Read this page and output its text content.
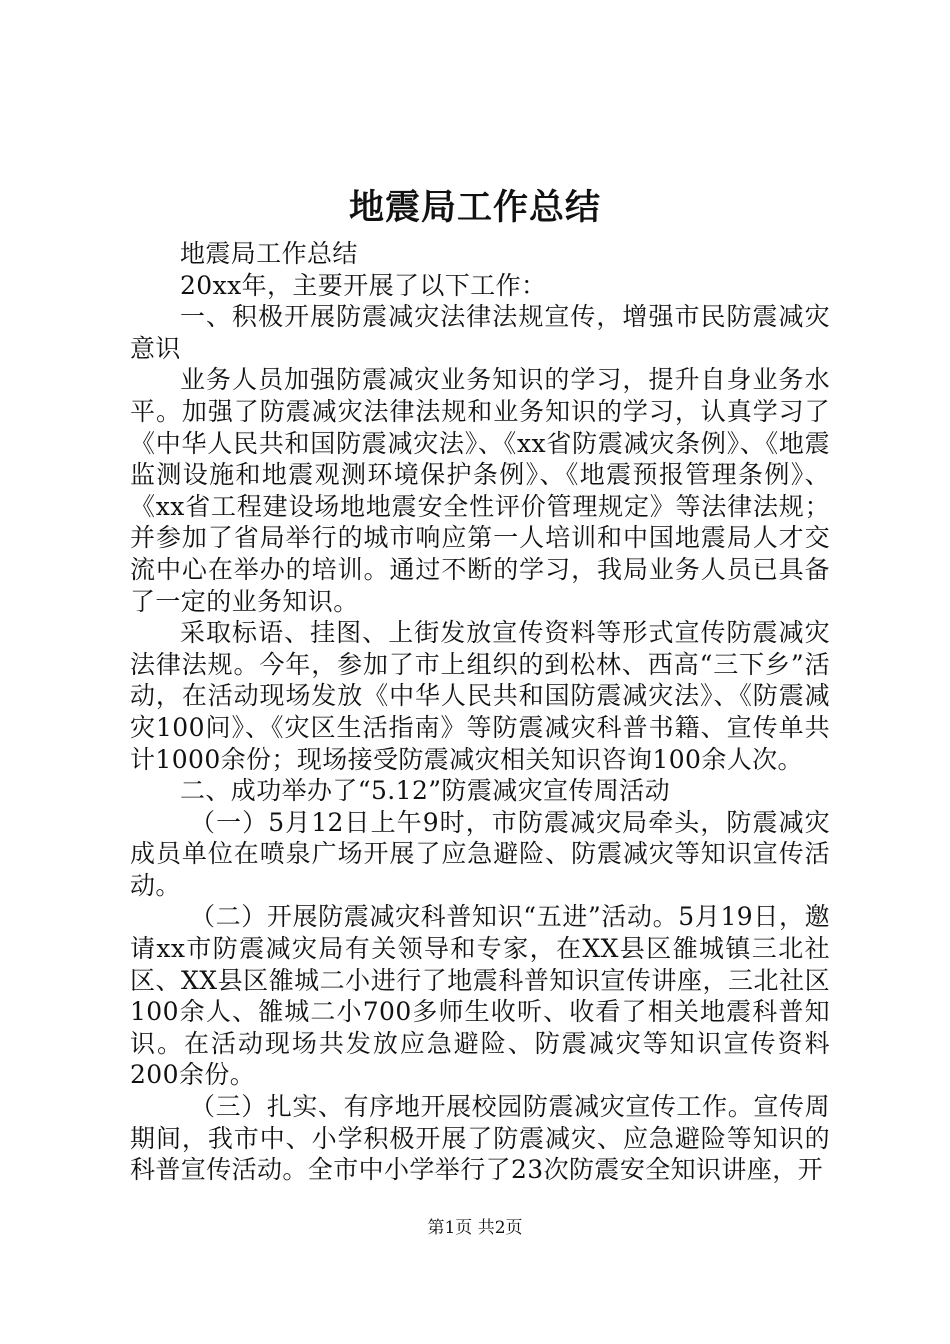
地震局工作总结

地震局工作总结

20xx年，主要开展了以下工作：

一、积极开展防震减灾法律法规宣传，增强市民防震减灾意识

业务人员加强防震减灾业务知识的学习，提升自身业务水平。加强了防震减灾法律法规和业务知识的学习，认真学习了《中华人民共和国防震减灾法》、《xx省防震减灾条例》、《地震监测设施和地震观测环境保护条例》、《地震预报管理条例》、《xx省工程建设场地地震安全性评价管理规定》等法律法规；并参加了省局举行的城市响应第一人培训和中国地震局人才交流中心在举办的培训。通过不断的学习，我局业务人员已具备了一定的业务知识。

采取标语、挂图、上街发放宣传资料等形式宣传防震减灾法律法规。今年，参加了市上组织的到松林、西高“三下乡”活动，在活动现场发放《中华人民共和国防震减灾法》、《防震减灾100问》、《灾区生活指南》等防震减灾科普书籍、宣传单共计1000余份；现场接受防震减灾相关知识咨询100余人次。

二、成功举办了“5.12”防震减灾宣传周活动

（一）5月12日上午9时，市防震减灾局牵头，防震减灾成员单位在喷泉广场开展了应急避险、防震减灾等知识宣传活动。

（二）开展防震减灾科普知识“五进”活动。5月19日，邀请xx市防震减灾局有关领导和专家，在XX县区雒城镇三北社区、XX县区雒城二小进行了地震科普知识宣传讲座，三北社区100余人、雒城二小700多师生收听、收看了相关地震科普知识。在活动现场共发放应急避险、防震减灾等知识宣传资料200余份。

（三）扎实、有序地开展校园防震减灾宣传工作。宣传周期间，我市中、小学积极开展了防震减灾、应急避险等知识的科普宣传活动。全市中小学举行了23次防震安全知识讲座，开

第1页 共2页
